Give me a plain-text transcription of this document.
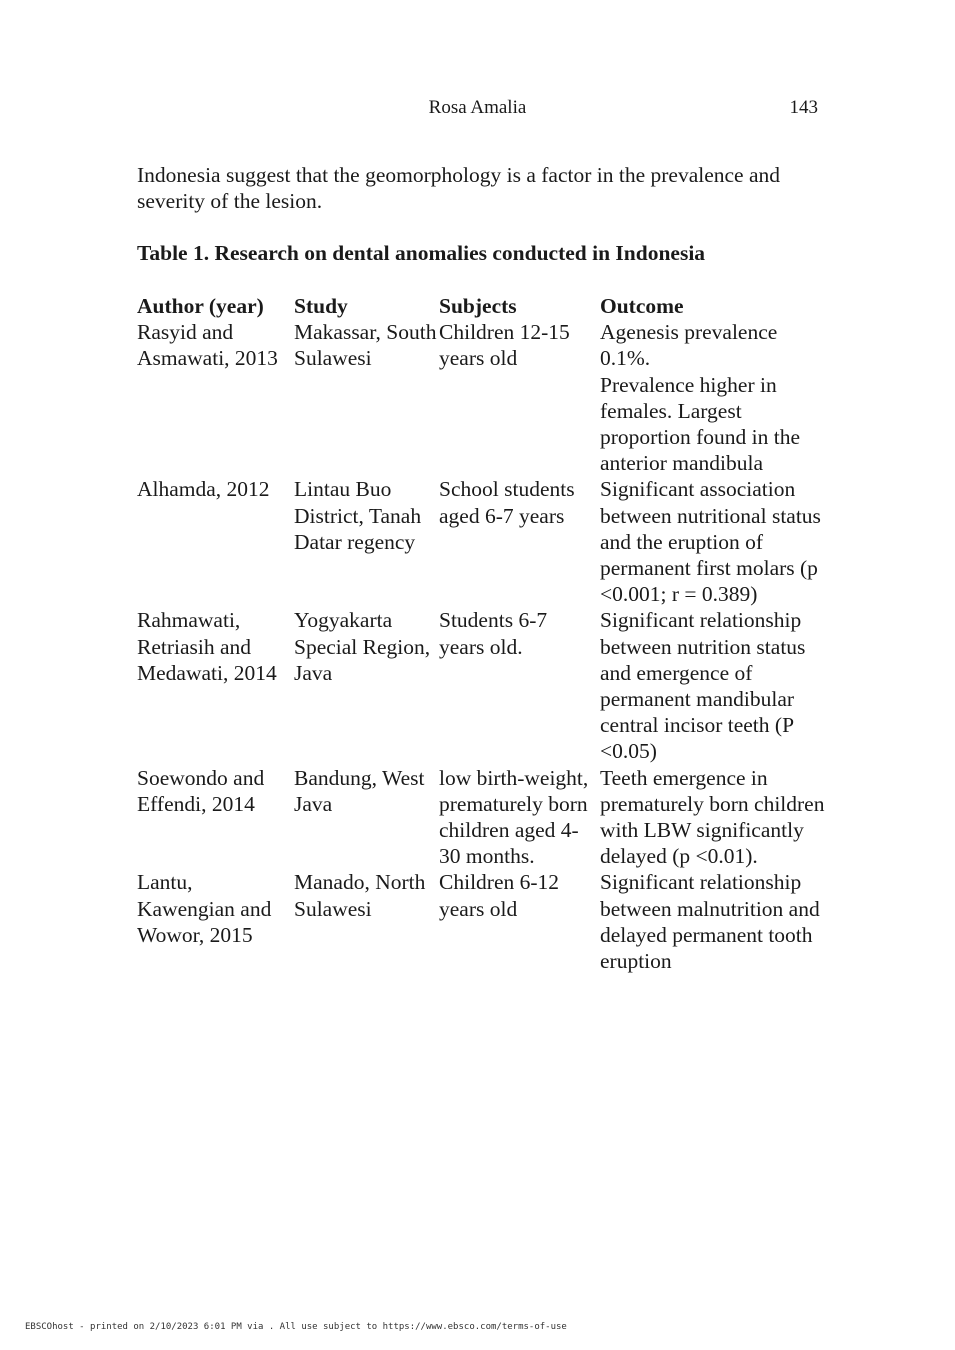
Rosa Amalia	143

Indonesia suggest that the geomorphology is a factor in the prevalence and severity of the lesion.

Table 1. Research on dental anomalies conducted in Indonesia

Author (year)	Study	Subjects	Outcome
Rasyid and Asmawati, 2013	Makassar, South Sulawesi	Children 12-15 years old	Agenesis prevalence 0.1%.
Prevalence higher in females. Largest proportion found in the anterior mandibula
Alhamda, 2012	Lintau Buo District, Tanah Datar regency	School students aged 6-7 years	Significant association between nutritional status and the eruption of permanent first molars (p <0.001; r = 0.389)
Rahmawati, Retriasih and Medawati, 2014	Yogyakarta Special Region, Java	Students 6-7 years old.	Significant relationship between nutrition status and emergence of permanent mandibular central incisor teeth (P <0.05)
Soewondo and Effendi, 2014	Bandung, West Java	low birth-weight, prematurely born children aged 4-30 months.	Teeth emergence in prematurely born children with LBW significantly delayed (p <0.01).
Lantu, Kawengian and Wowor, 2015	Manado, North Sulawesi	Children 6-12 years old	Significant relationship between malnutrition and delayed permanent tooth eruption
EBSCOhost - printed on 2/10/2023 6:01 PM via . All use subject to https://www.ebsco.com/terms-of-use
